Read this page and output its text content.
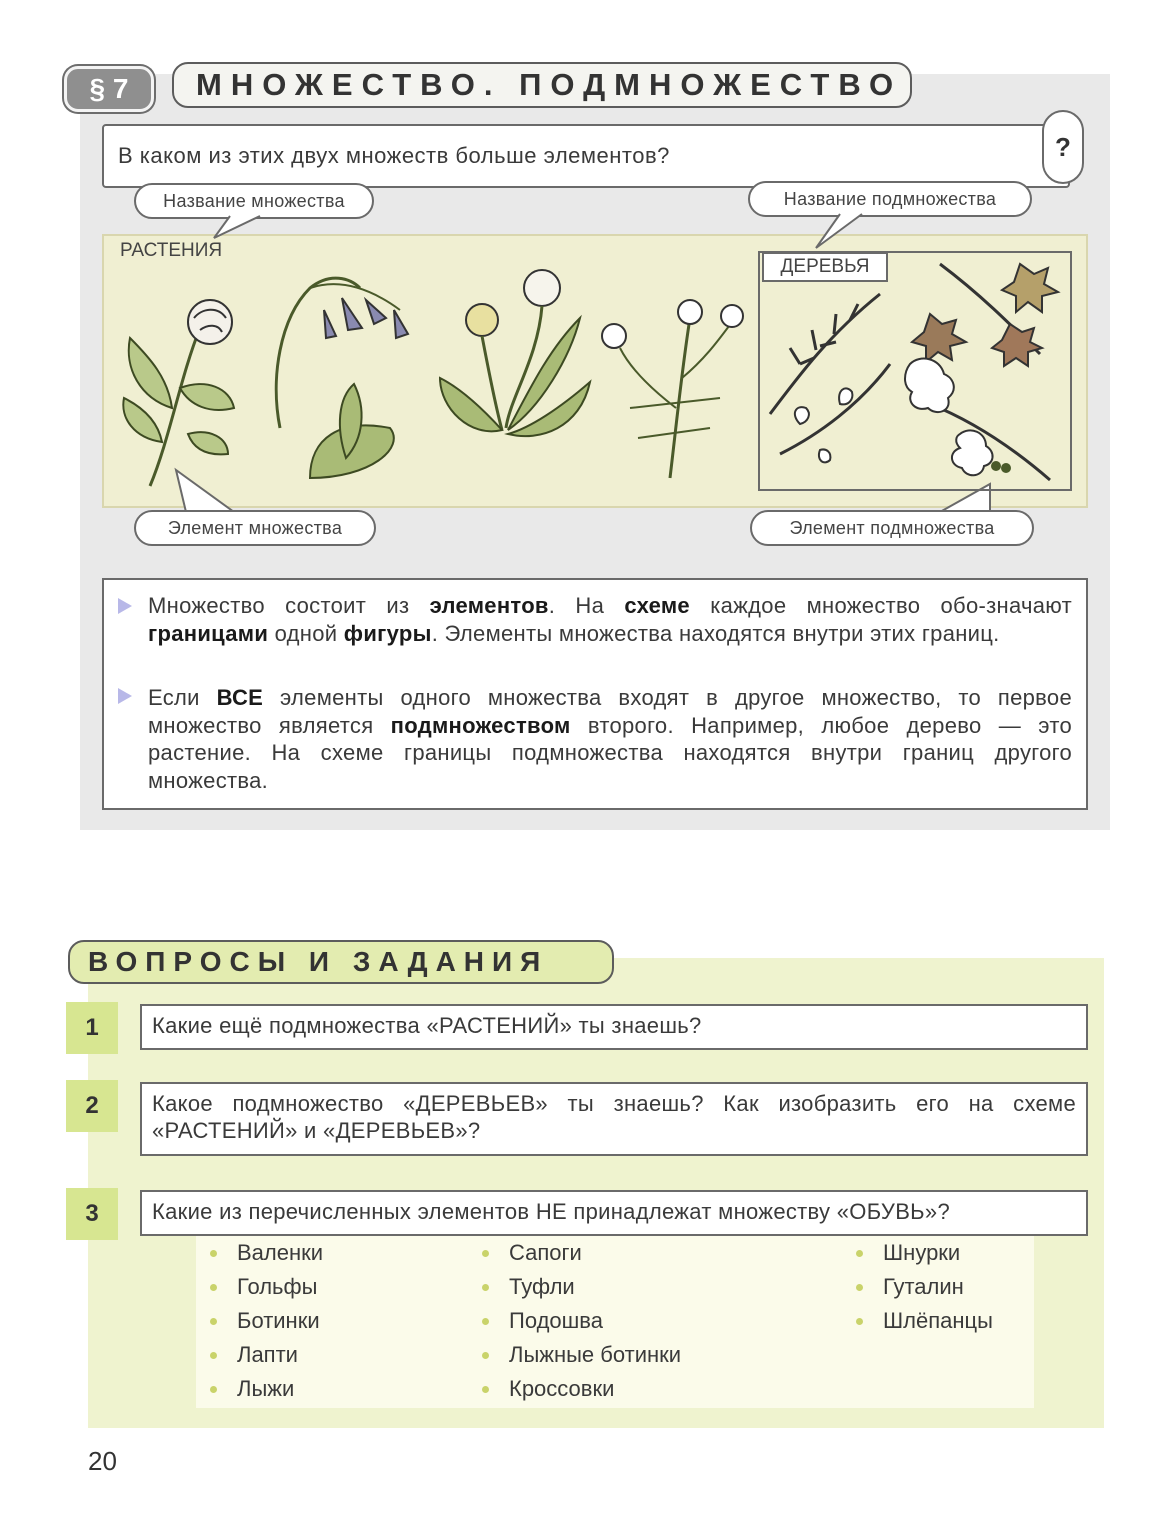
§ 7	МНОЖЕСТВО. ПОДМНОЖЕСТВО
В каком из этих двух множеств больше элементов?	?
Название множества	Название подмножества
РАСТЕНИЯ
ДЕРЕВЬЯ
Элемент множества	Элемент подмножества
Множество состоит из элементов. На схеме каждое множество обо-значают границами одной фигуры. Элементы множества находятся внутри этих границ.
Если ВСЕ элементы одного множества входят в другое множество, то первое множество является подмножеством второго. Например, любое дерево — это растение. На схеме границы подмножества находятся внутри границ другого множества.
ВОПРОСЫ И ЗАДАНИЯ
1	Какие ещё подмножества «РАСТЕНИЙ» ты знаешь?
2	Какое подмножество «ДЕРЕВЬЕВ» ты знаешь? Как изобразить его на схеме «РАСТЕНИЙ» и «ДЕРЕВЬЕВ»?
3	Какие из перечисленных элементов НЕ принадлежат множеству «ОБУВЬ»?
Валенки
Гольфы
Ботинки
Лапти
Лыжи
Сапоги
Туфли
Подошва
Лыжные ботинки
Кроссовки
Шнурки
Гуталин
Шлёпанцы
20
